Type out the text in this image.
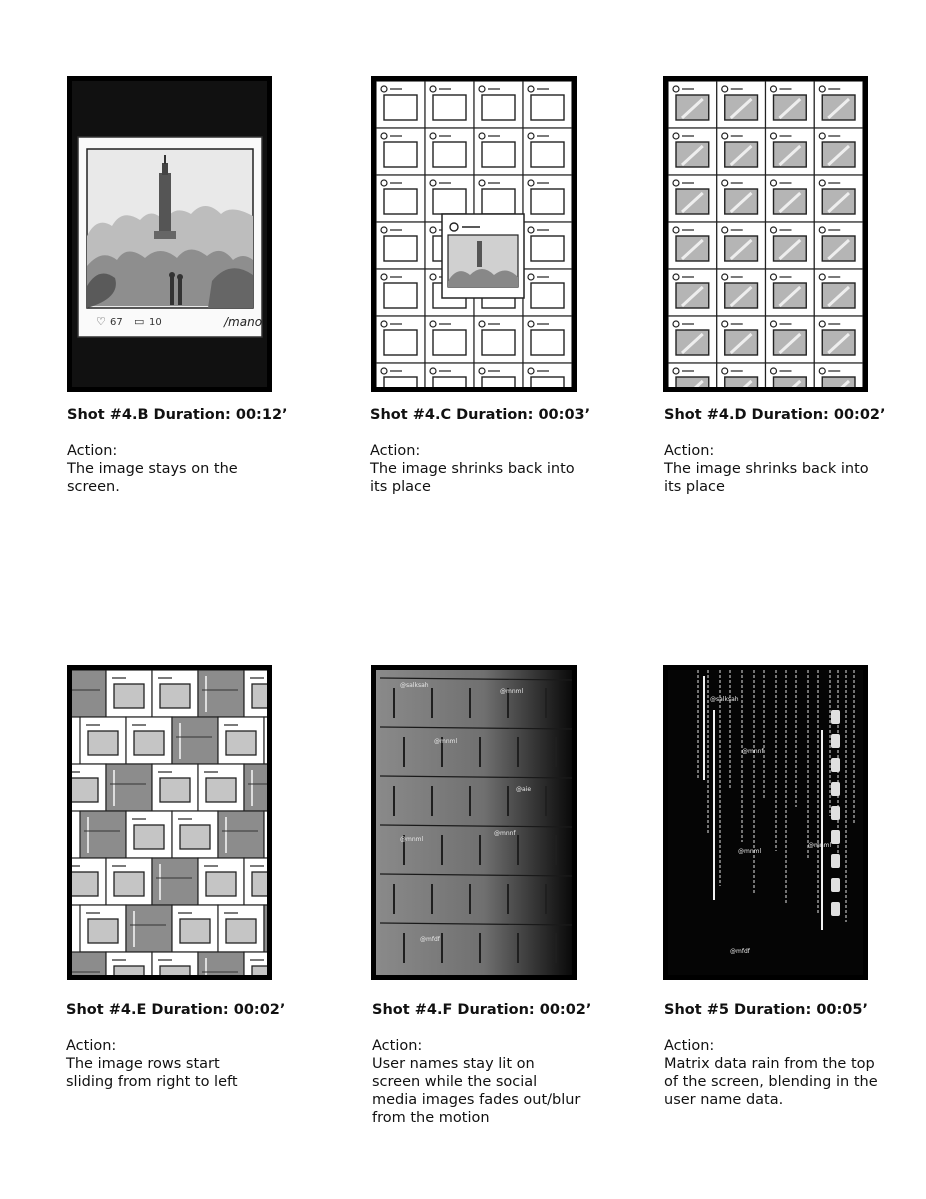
♡ 67 ▭ 10	/mano
Shot #4.B Duration: 00:12’
Action:
The image stays on the screen.
Shot #4.C Duration: 00:03’
Action:
The image shrinks back into its place
Shot #4.D Duration: 00:02’
Action:
The image shrinks back into its place
Shot #4.E Duration: 00:02’
Action:
The image rows start sliding from right to left
@salksah
@mnml
@mnml
@aie
@mnml
@mnnf
@mfdf
Shot #4.F Duration: 00:02’
Action:
User names stay lit on screen while the social media images fades out/blur from the motion
@salksah
@mnnf
@mnml
@mnml
@mfdf
Shot #5 Duration: 00:05’
Action:
Matrix data rain from the top of the screen, blending in the user name data.
